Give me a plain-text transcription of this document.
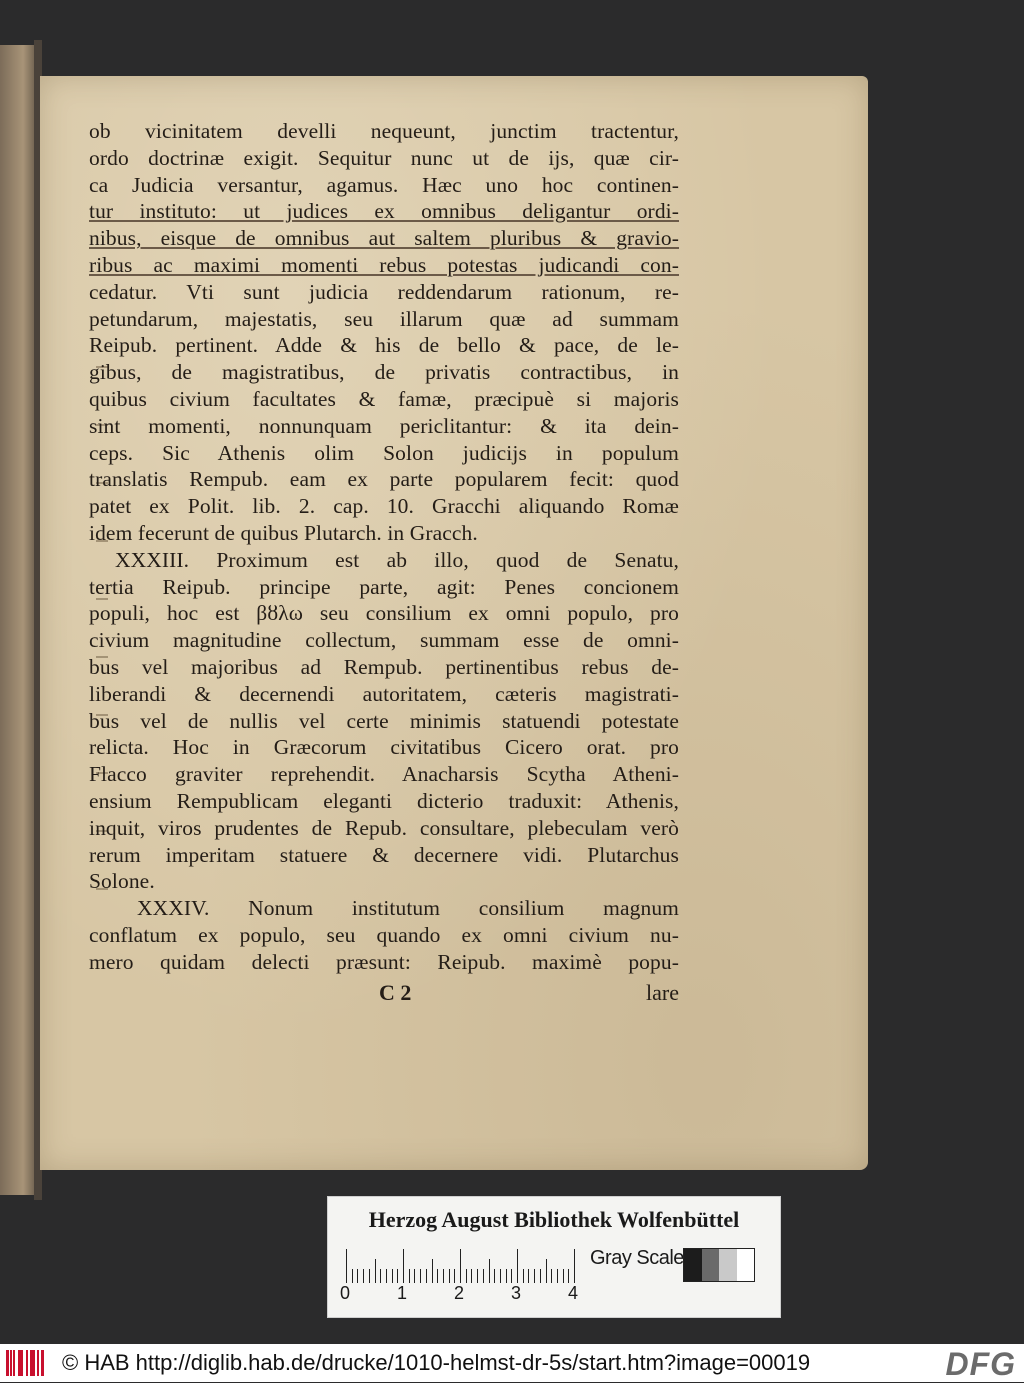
ob vicinitatem develli nequeunt, junctim tractentur,
ordo doctrinæ exigit. Sequitur nunc ut de ijs, quæ cir-
ca Judicia versantur, agamus. Hæc uno hoc continen-
tur instituto: ut judices ex omnibus deligantur ordi-
nibus, eisque de omnibus aut saltem pluribus & gravio-
ribus ac maximi momenti rebus potestas judicandi con-
cedatur. Vti sunt judicia reddendarum rationum, re-
petundarum, majestatis, seu illarum quæ ad summam
Reipub. pertinent. Adde & his de bello & pace, de le-
gibus, de magistratibus, de privatis contractibus, in
quibus civium facultates & famæ, præcipuè si majoris
sint momenti, nonnunquam periclitantur: & ita dein-
ceps. Sic Athenis olim Solon judicijs in populum
translatis Rempub. eam ex parte popularem fecit: quod
patet ex Polit. lib. 2. cap. 10. Gracchi aliquando Romæ
idem fecerunt de quibus Plutarch. in Gracch.
XXXIII. Proximum est ab illo, quod de Senatu,
tertia Reipub. principe parte, agit: Penes concionem
populi, hoc est βȣλω seu consilium ex omni populo, pro
civium magnitudine collectum, summam esse de omni-
bus vel majoribus ad Rempub. pertinentibus rebus de-
liberandi & decernendi autoritatem, cæteris magistrati-
bus vel de nullis vel certe minimis statuendi potestate
relicta. Hoc in Græcorum civitatibus Cicero orat. pro
Flacco graviter reprehendit. Anacharsis Scytha Atheni-
ensium Rempublicam eleganti dicterio traduxit: Athenis,
inquit, viros prudentes de Repub. consultare, plebeculam verò
rerum imperitam statuere & decernere vidi. Plutarchus
Solone.
XXXIV. Nonum institutum consilium magnum
conflatum ex populo, seu quando ex omni civium nu-
mero quidam delecti præsunt: Reipub. maximè popu-
C 2	lare
Herzog August Bibliothek Wolfenbüttel
0	1	2	3	4
Gray Scale
© HAB http://diglib.hab.de/drucke/1010-helmst-dr-5s/start.htm?image=00019	DFG
